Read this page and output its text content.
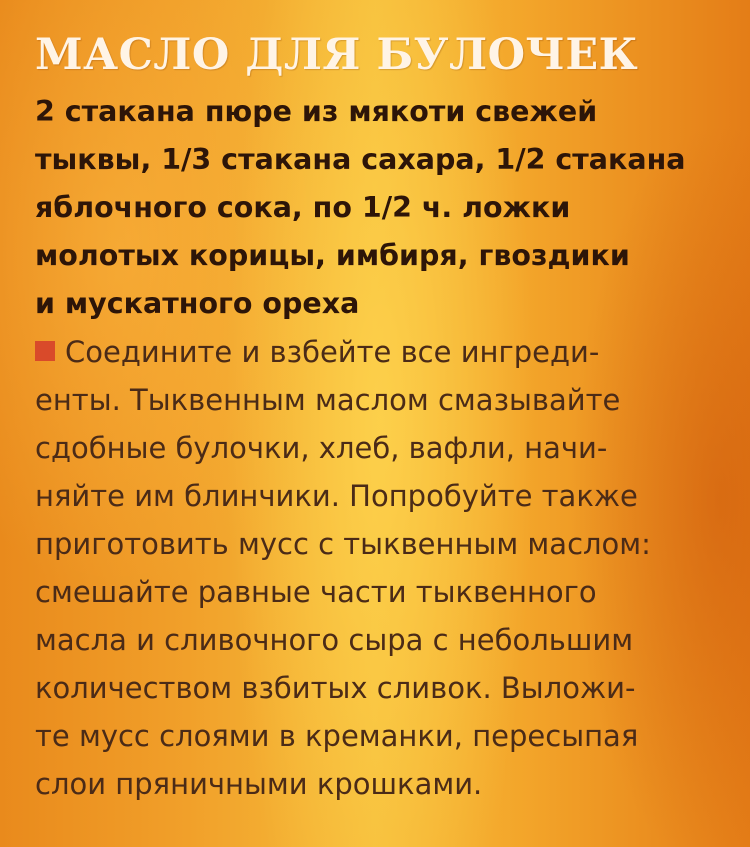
МАСЛО ДЛЯ БУЛОЧЕК
2 стакана пюре из мякоти свежей
тыквы, 1/3 стакана сахара, 1/2 стакана
яблочного сока, по 1/2 ч. ложки
молотых корицы, имбиря, гвоздики
и мускатного ореха
Соедините и взбейте все ингреди-
енты. Тыквенным маслом смазывайте
сдобные булочки, хлеб, вафли, начи-
няйте им блинчики. Попробуйте также
приготовить мусс с тыквенным маслом:
смешайте равные части тыквенного
масла и сливочного сыра с небольшим
количеством взбитых сливок. Выложи-
те мусс слоями в креманки, пересыпая
слои пряничными крошками.
